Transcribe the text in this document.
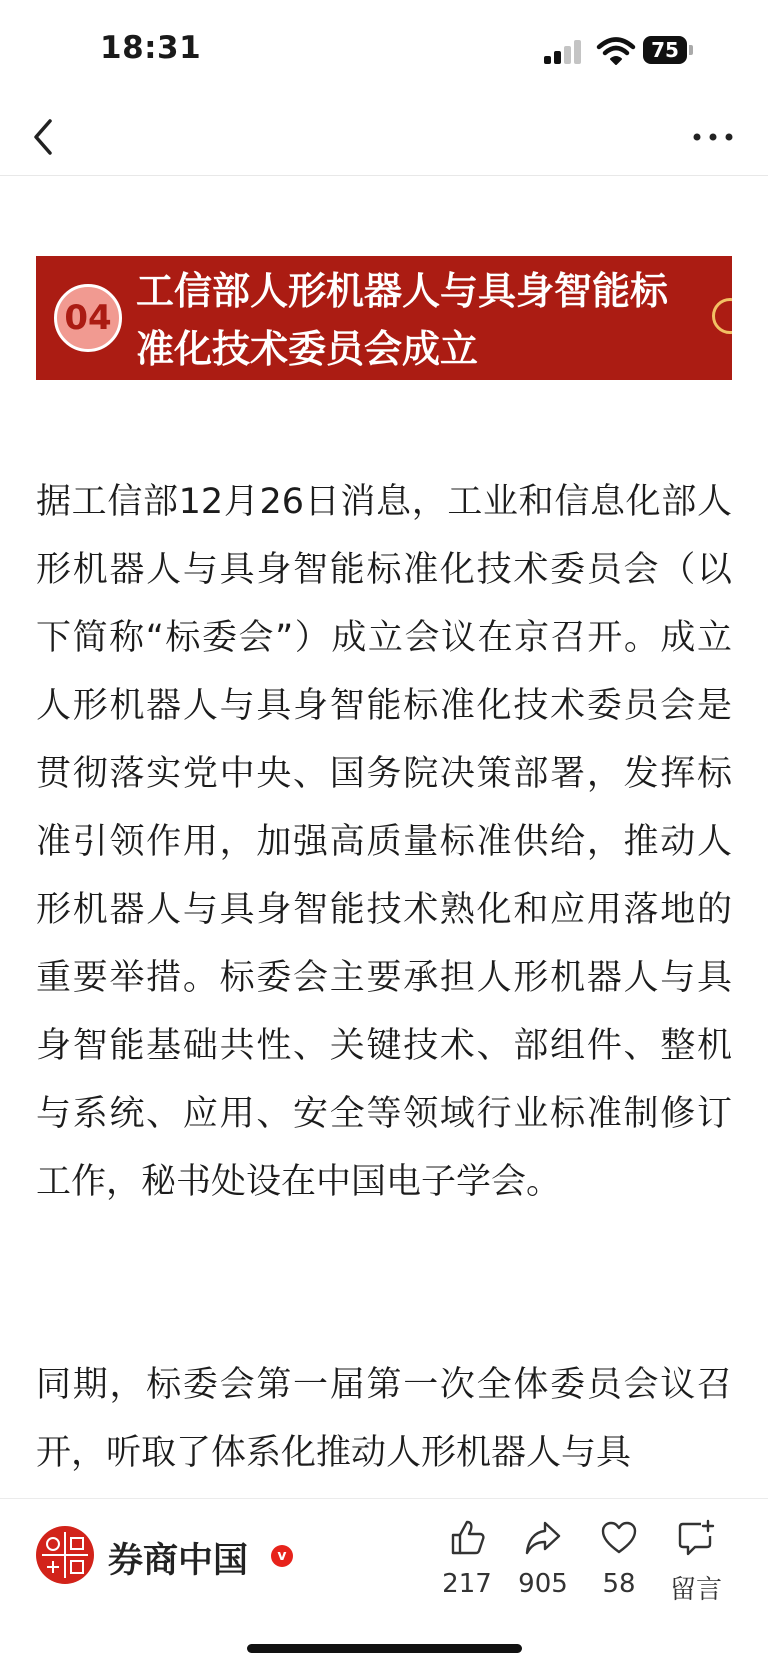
18:31	75
04
工信部人形机器人与具身智能标准化技术委员会成立

据工信部12月26日消息，工业和信息化部人形机器人与具身智能标准化技术委员会（以下简称“标委会”）成立会议在京召开。成立人形机器人与具身智能标准化技术委员会是贯彻落实党中央、国务院决策部署，发挥标准引领作用，加强高质量标准供给，推动人形机器人与具身智能技术熟化和应用落地的重要举措。标委会主要承担人形机器人与具身智能基础共性、关键技术、部组件、整机与系统、应用、安全等领域行业标准制修订工作，秘书处设在中国电子学会。

同期，标委会第一届第一次全体委员会议召开，听取了体系化推动人形机器人与具

券商中国	v
217	905	58	留言
